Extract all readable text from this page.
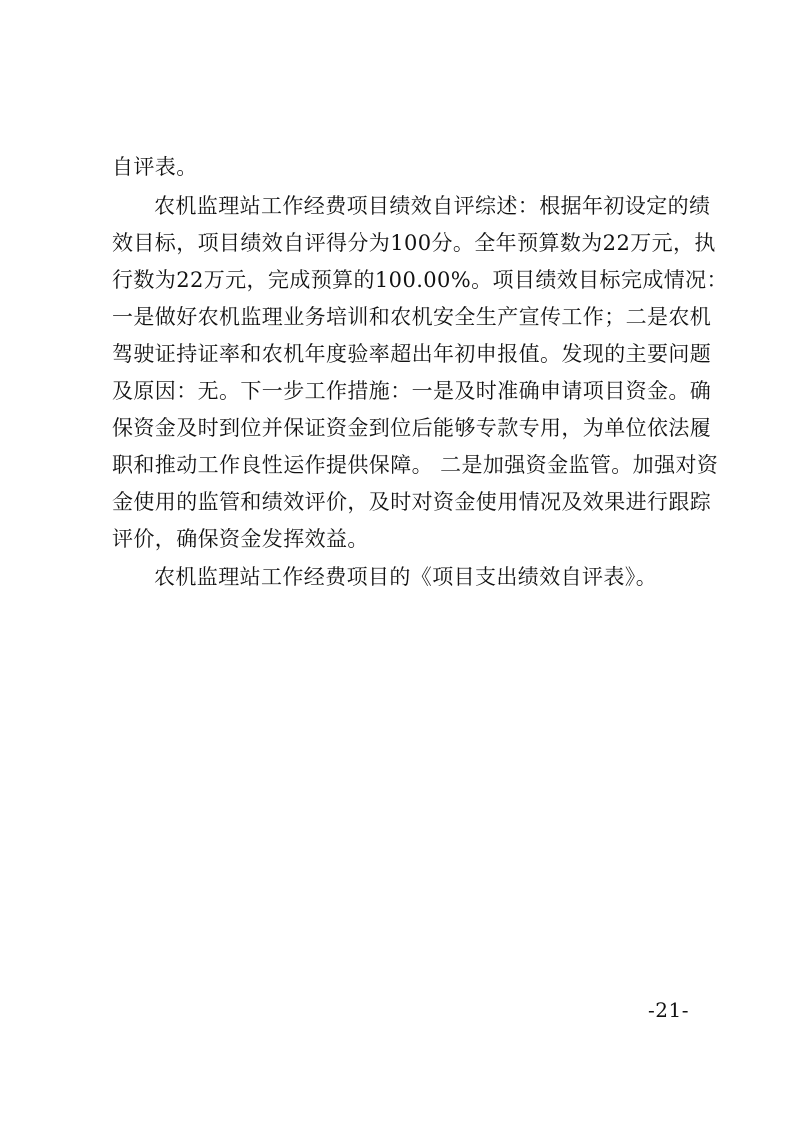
自评表。
农机监理站工作经费项目绩效自评综述：根据年初设定的绩
效目标，项目绩效自评得分为100分。全年预算数为22万元，执
行数为22万元，完成预算的100.00%。项目绩效目标完成情况：
一是做好农机监理业务培训和农机安全生产宣传工作；二是农机
驾驶证持证率和农机年度验率超出年初申报值。发现的主要问题
及原因：无。下一步工作措施：一是及时准确申请项目资金。确
保资金及时到位并保证资金到位后能够专款专用，为单位依法履
职和推动工作良性运作提供保障。 二是加强资金监管。加强对资
金使用的监管和绩效评价，及时对资金使用情况及效果进行跟踪
评价，确保资金发挥效益。
农机监理站工作经费项目的《项目支出绩效自评表》。
-21-
